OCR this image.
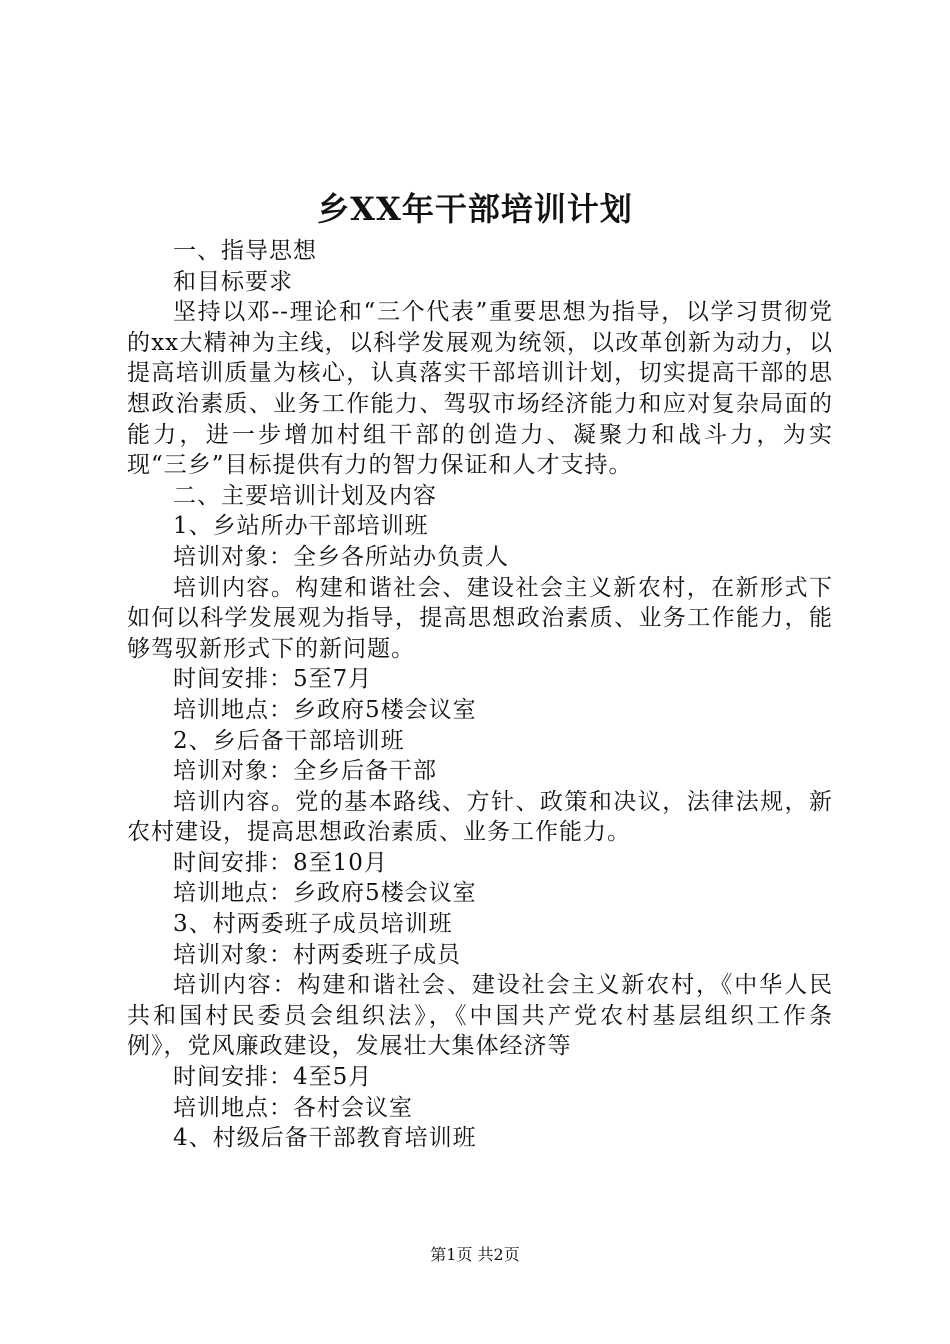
乡XX年干部培训计划

一、指导思想

和目标要求

坚持以邓--理论和“三个代表”重要思想为指导，以学习贯彻党的xx大精神为主线，以科学发展观为统领，以改革创新为动力，以提高培训质量为核心，认真落实干部培训计划，切实提高干部的思想政治素质、业务工作能力、驾驭市场经济能力和应对复杂局面的能力，进一步增加村组干部的创造力、凝聚力和战斗力，为实现“三乡”目标提供有力的智力保证和人才支持。

二、主要培训计划及内容

1、乡站所办干部培训班

培训对象：全乡各所站办负责人

培训内容。构建和谐社会、建设社会主义新农村，在新形式下如何以科学发展观为指导，提高思想政治素质、业务工作能力，能够驾驭新形式下的新问题。

时间安排：5至7月

培训地点：乡政府5楼会议室

2、乡后备干部培训班

培训对象：全乡后备干部

培训内容。党的基本路线、方针、政策和决议，法律法规，新农村建设，提高思想政治素质、业务工作能力。

时间安排：8至10月

培训地点：乡政府5楼会议室

3、村两委班子成员培训班

培训对象：村两委班子成员

培训内容：构建和谐社会、建设社会主义新农村，《中华人民共和国村民委员会组织法》，《中国共产党农村基层组织工作条例》，党风廉政建设，发展壮大集体经济等

时间安排：4至5月

培训地点：各村会议室

4、村级后备干部教育培训班

第1页 共2页
